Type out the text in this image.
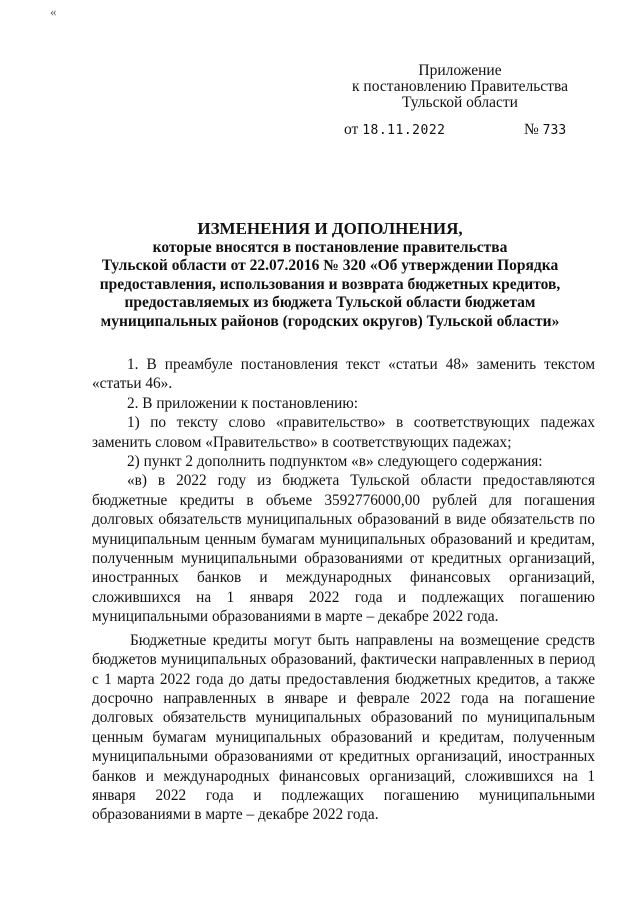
«
Приложение
к постановлению Правительства
Тульской области
от 18.11.2022	№ 733
ИЗМЕНЕНИЯ И ДОПОЛНЕНИЯ,
которые вносятся в постановление правительства
Тульской области от 22.07.2016 № 320 «Об утверждении Порядка
предоставления, использования и возврата бюджетных кредитов,
предоставляемых из бюджета Тульской области бюджетам
муниципальных районов (городских округов) Тульской области»

1. В преамбуле постановления текст «статьи 48» заменить текстом «статьи 46».

2. В приложении к постановлению:

1) по тексту слово «правительство» в соответствующих падежах заменить словом «Правительство» в соответствующих падежах;

2) пункт 2 дополнить подпунктом «в» следующего содержания:

«в) в 2022 году из бюджета Тульской области предоставляются бюджетные кредиты в объеме 3592776000,00 рублей для погашения долговых обязательств муниципальных образований в виде обязательств по муниципальным ценным бумагам муниципальных образований и кредитам, полученным муниципальными образованиями от кредитных организаций, иностранных банков и международных финансовых организаций, сложившихся на 1 января 2022 года и подлежащих погашению муниципальными образованиями в марте – декабре 2022 года.

Бюджетные кредиты могут быть направлены на возмещение средств бюджетов муниципальных образований, фактически направленных в период с 1 марта 2022 года до даты предоставления бюджетных кредитов, а также досрочно направленных в январе и феврале 2022 года на погашение долговых обязательств муниципальных образований по муниципальным ценным бумагам муниципальных образований и кредитам, полученным муниципальными образованиями от кредитных организаций, иностранных банков и международных финансовых организаций, сложившихся на 1 января 2022 года и подлежащих погашению муниципальными образованиями в марте – декабре 2022 года.
